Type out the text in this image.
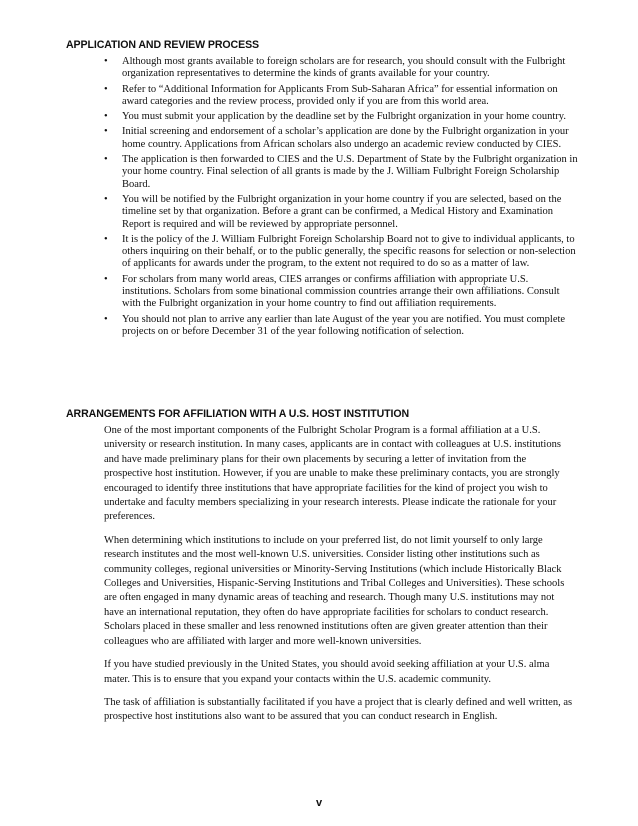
APPLICATION AND REVIEW PROCESS
• Although most grants available to foreign scholars are for research, you should consult with the Fulbright organization representatives to determine the kinds of grants available for your country.
• Refer to “Additional Information for Applicants From Sub-Saharan Africa” for essential information on award categories and the review process, provided only if you are from this world area.
• You must submit your application by the deadline set by the Fulbright organization in your home country.
• Initial screening and endorsement of a scholar’s application are done by the Fulbright organization in your home country. Applications from African scholars also undergo an academic review conducted by CIES.
• The application is then forwarded to CIES and the U.S. Department of State by the Fulbright organization in your home country. Final selection of all grants is made by the J. William Fulbright Foreign Scholarship Board.
• You will be notified by the Fulbright organization in your home country if you are selected, based on the timeline set by that organization. Before a grant can be confirmed, a Medical History and Examination Report is required and will be reviewed by appropriate personnel.
• It is the policy of the J. William Fulbright Foreign Scholarship Board not to give to individual applicants, to others inquiring on their behalf, or to the public generally, the specific reasons for selection or non-selection of applicants for awards under the program, to the extent not required to do so as a matter of law.
• For scholars from many world areas, CIES arranges or confirms affiliation with appropriate U.S. institutions. Scholars from some binational commission countries arrange their own affiliations. Consult with the Fulbright organization in your home country to find out affiliation requirements.
• You should not plan to arrive any earlier than late August of the year you are notified. You must complete projects on or before December 31 of the year following notification of selection.
ARRANGEMENTS FOR AFFILIATION WITH A U.S. HOST INSTITUTION

One of the most important components of the Fulbright Scholar Program is a formal affiliation at a U.S. university or research institution. In many cases, applicants are in contact with colleagues at U.S. institutions and have made preliminary plans for their own placements by securing a letter of invitation from the prospective host institution. However, if you are unable to make these preliminary contacts, you are strongly encouraged to identify three institutions that have appropriate facilities for the kind of project you wish to undertake and faculty members specializing in your research interests. Please indicate the rationale for your preferences.

When determining which institutions to include on your preferred list, do not limit yourself to only large research institutes and the most well-known U.S. universities. Consider listing other institutions such as community colleges, regional universities or Minority-Serving Institutions (which include Historically Black Colleges and Universities, Hispanic-Serving Institutions and Tribal Colleges and Universities). These schools are often engaged in many dynamic areas of teaching and research. Though many U.S. institutions may not have an international reputation, they often do have appropriate facilities for scholars to conduct research. Scholars placed in these smaller and less renowned institutions often are given greater attention than their colleagues who are affiliated with larger and more well-known universities.

If you have studied previously in the United States, you should avoid seeking affiliation at your U.S. alma mater. This is to ensure that you expand your contacts within the U.S. academic community.

The task of affiliation is substantially facilitated if you have a project that is clearly defined and well written, as prospective host institutions also want to be assured that you can conduct research in English.

v
